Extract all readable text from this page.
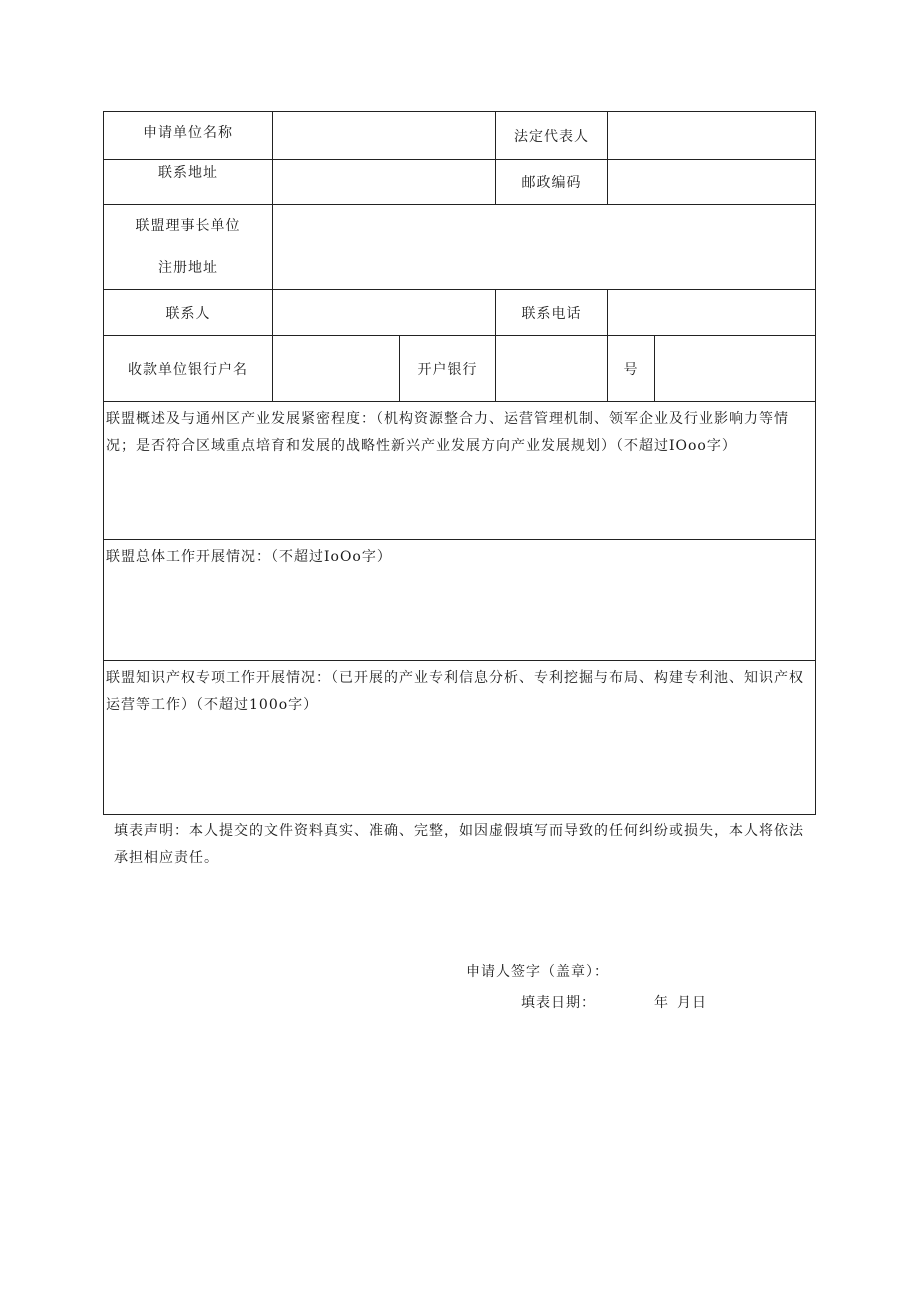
申请单位名称			法定代表人		
联系地址			邮政编码		

联盟理事长单位
注册地址					

联系人			联系电话		
收款单位银行户名		开户银行		号	
联盟概述及与通州区产业发展紧密程度：（机构资源整合力、运营管理机制、领军企业及行业影响力等情况；是否符合区域重点培育和发展的战略性新兴产业发展方向产业发展规划）（不超过IOoo字）					
联盟总体工作开展情况：（不超过IoOo字）					
联盟知识产权专项工作开展情况：（已开展的产业专利信息分析、专利挖掘与布局、构建专利池、知识产权运营等工作）（不超过100o字）					
填表声明：本人提交的文件资料真实、准确、完整，如因虚假填写而导致的任何纠纷或损失，本人将依法承担相应责任。
申请人签字（盖章）：
填表日期：	年 月日
